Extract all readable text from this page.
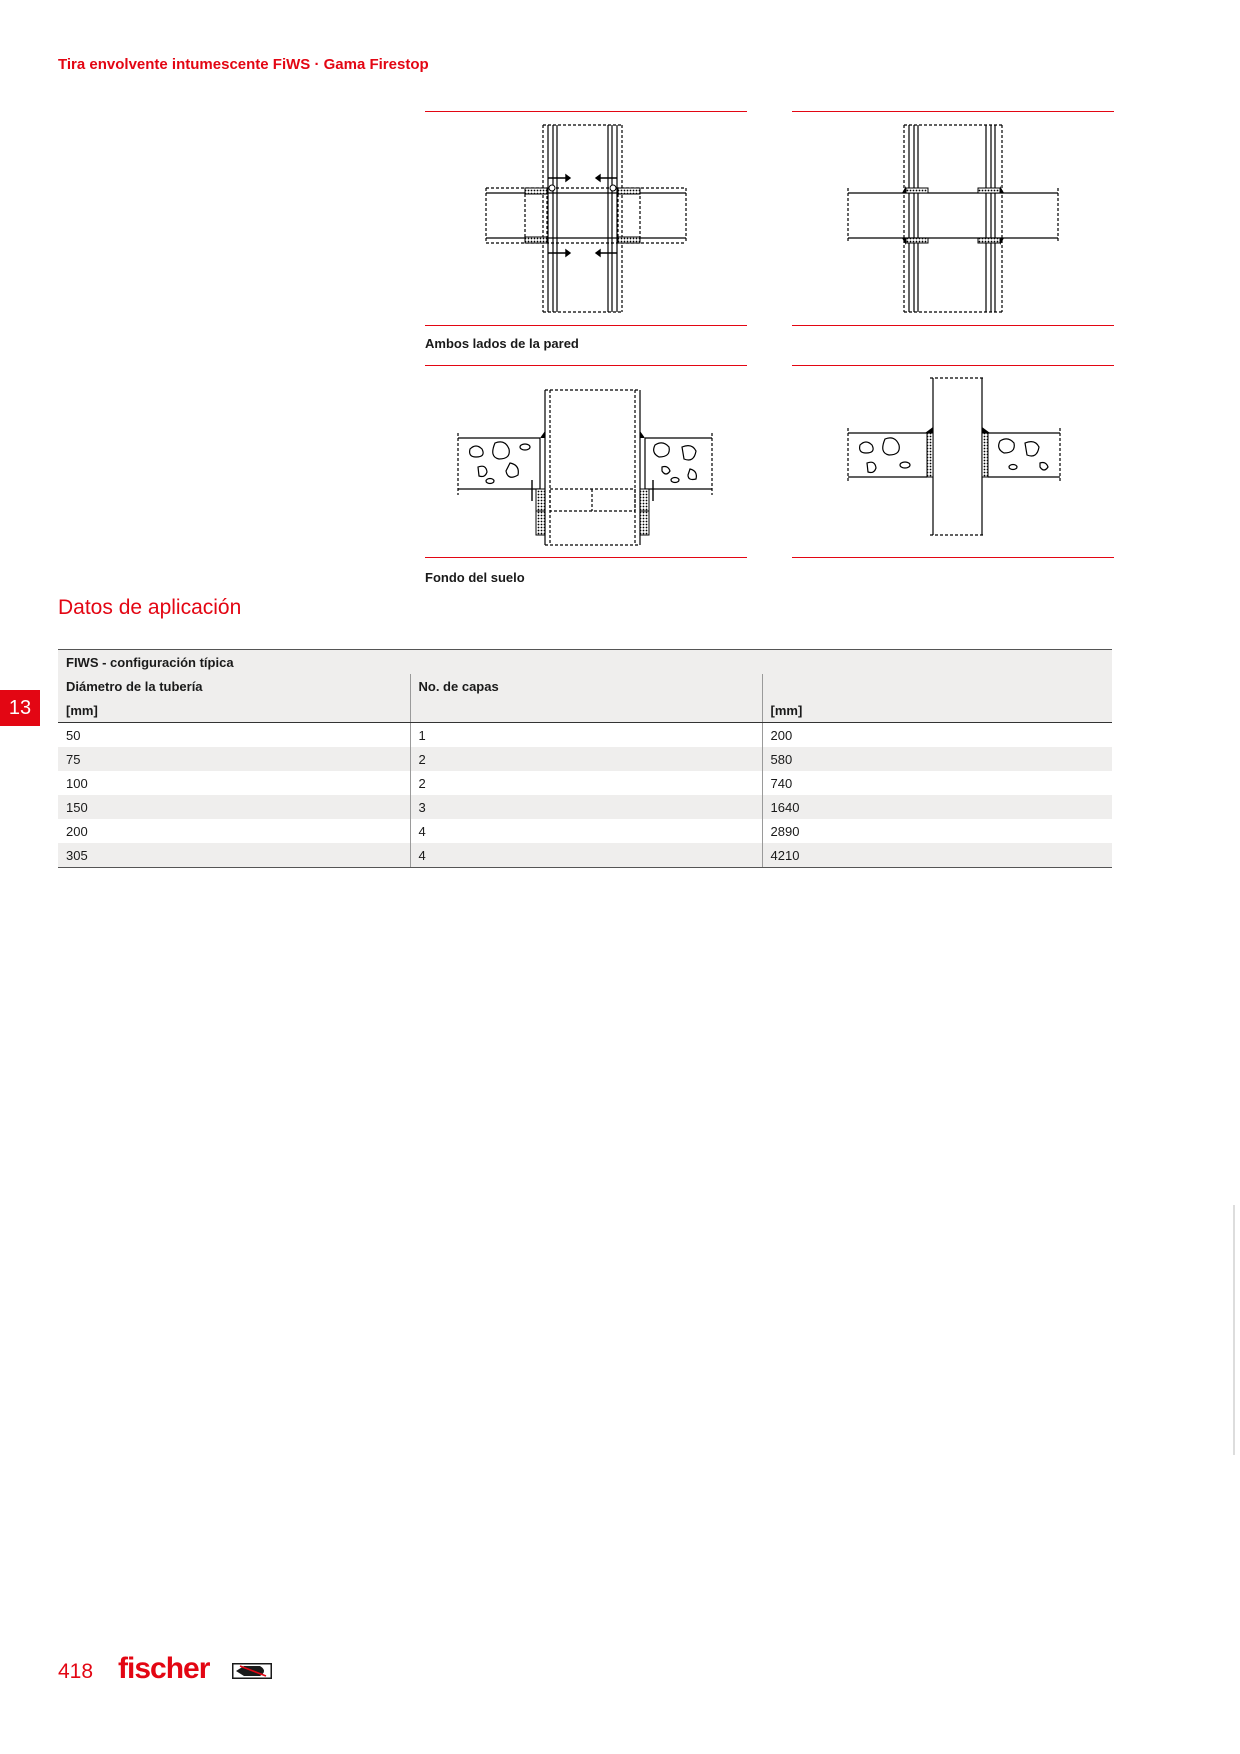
Tira envolvente intumescente FiWS · Gama Firestop
Ambos lados de la pared
Fondo del suelo
Datos de aplicación
13
FIWS - configuración típica		
Diámetro de la tubería	No. de capas	
[mm]		[mm]
50	1	200
75	2	580
100	2	740
150	3	1640
200	4	2890
305	4	4210
418 fischer
